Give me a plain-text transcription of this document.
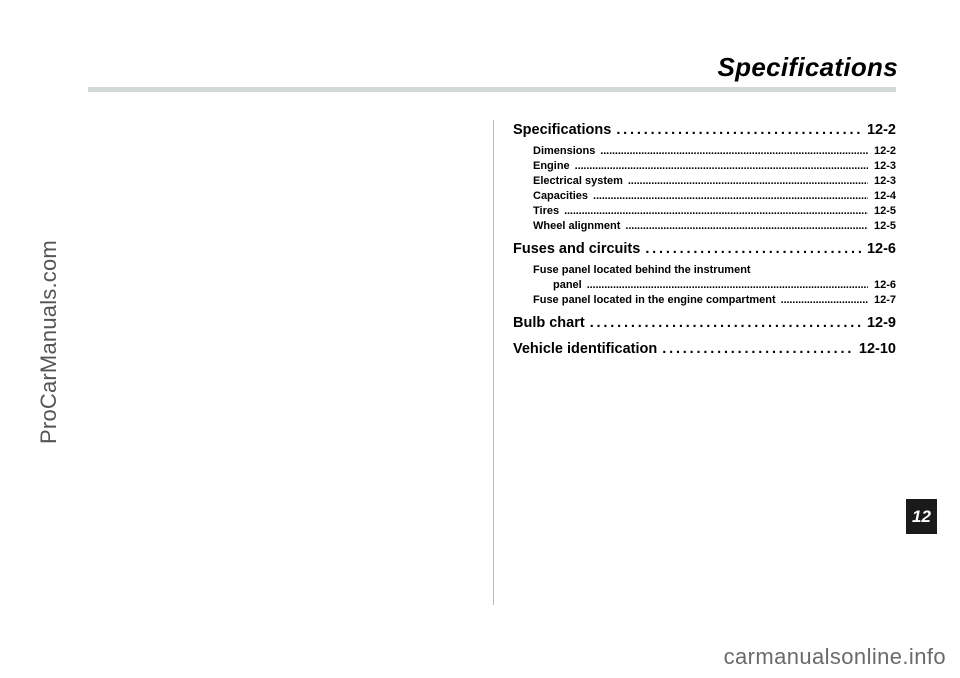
Specifications
ProCarManuals.com
Specifications . . .	12-2
Dimensions . . .	12-2
Engine . . .	12-3
Electrical system . . .	12-3
Capacities . . .	12-4
Tires . . .	12-5
Wheel alignment . . .	12-5
Fuses and circuits . . .	12-6
Fuse panel located behind the instrument
panel . . .	12-6
Fuse panel located in the engine compartment . . .	12-7
Bulb chart . . .	12-9
Vehicle identification . . .	12-10
12
carmanualsonline.info
